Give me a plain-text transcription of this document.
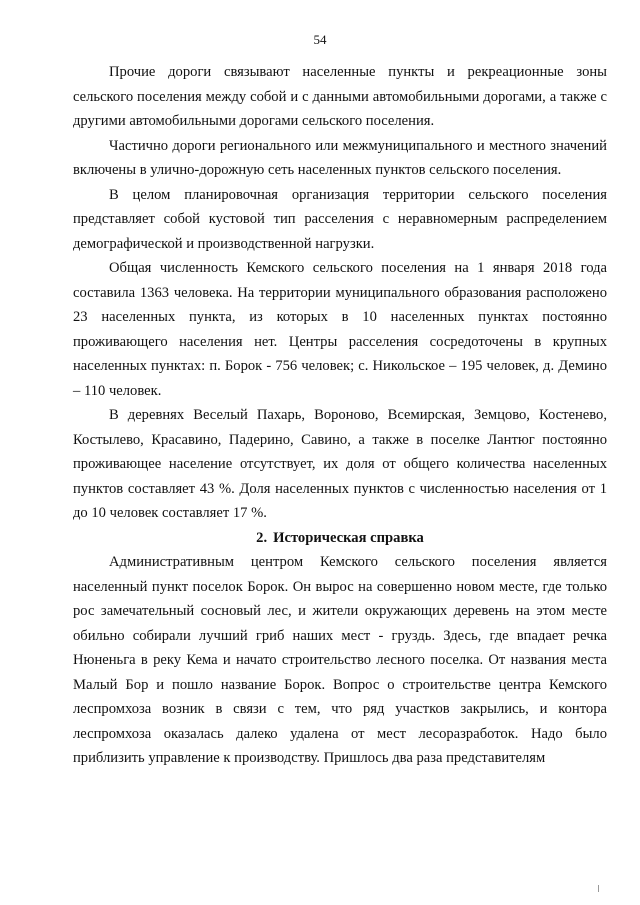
54

Прочие дороги связывают населенные пункты и рекреационные зоны сельского поселения между собой и с данными автомобильными дорогами, а также с другими автомобильными дорогами сельского поселения.

Частично дороги регионального или межмуниципального и местного значений включены в улично-дорожную сеть населенных пунктов сельского поселения.

В целом планировочная организация территории сельского поселения представляет собой кустовой тип расселения с неравномерным распределением демографической и производственной нагрузки.

Общая численность Кемского сельского поселения на 1 января 2018 года составила 1363 человека. На территории муниципального образования расположено 23 населенных пункта, из которых в 10 населенных пунктах постоянно проживающего населения нет. Центры расселения сосредоточены в крупных населенных пунктах: п. Борок - 756 человек; с. Никольское – 195 человек, д. Демино – 110 человек.

В деревнях Веселый Пахарь, Вороново, Всемирская, Земцово, Костенево, Костылево, Красавино, Падерино, Савино, а также в поселке Лантюг постоянно проживающее население отсутствует, их доля от общего количества населенных пунктов составляет 43 %. Доля населенных пунктов с численностью населения от 1 до 10 человек составляет 17 %.

2. Историческая справка

Административным центром Кемского сельского поселения является населенный пункт поселок Борок. Он вырос на совершенно новом месте, где только рос замечательный сосновый лес, и жители окружающих деревень на этом месте обильно собирали лучший гриб наших мест - груздь. Здесь, где впадает речка Нюненьга в реку Кема и начато строительство лесного поселка. От названия места Малый Бор и пошло название Борок. Вопрос о строительстве центра Кемского леспромхоза возник в связи с тем, что ряд участков закрылись, и контора леспромхоза оказалась далеко удалена от мест лесоразработок. Надо было приблизить управление к производству. Пришлось два раза представителям
